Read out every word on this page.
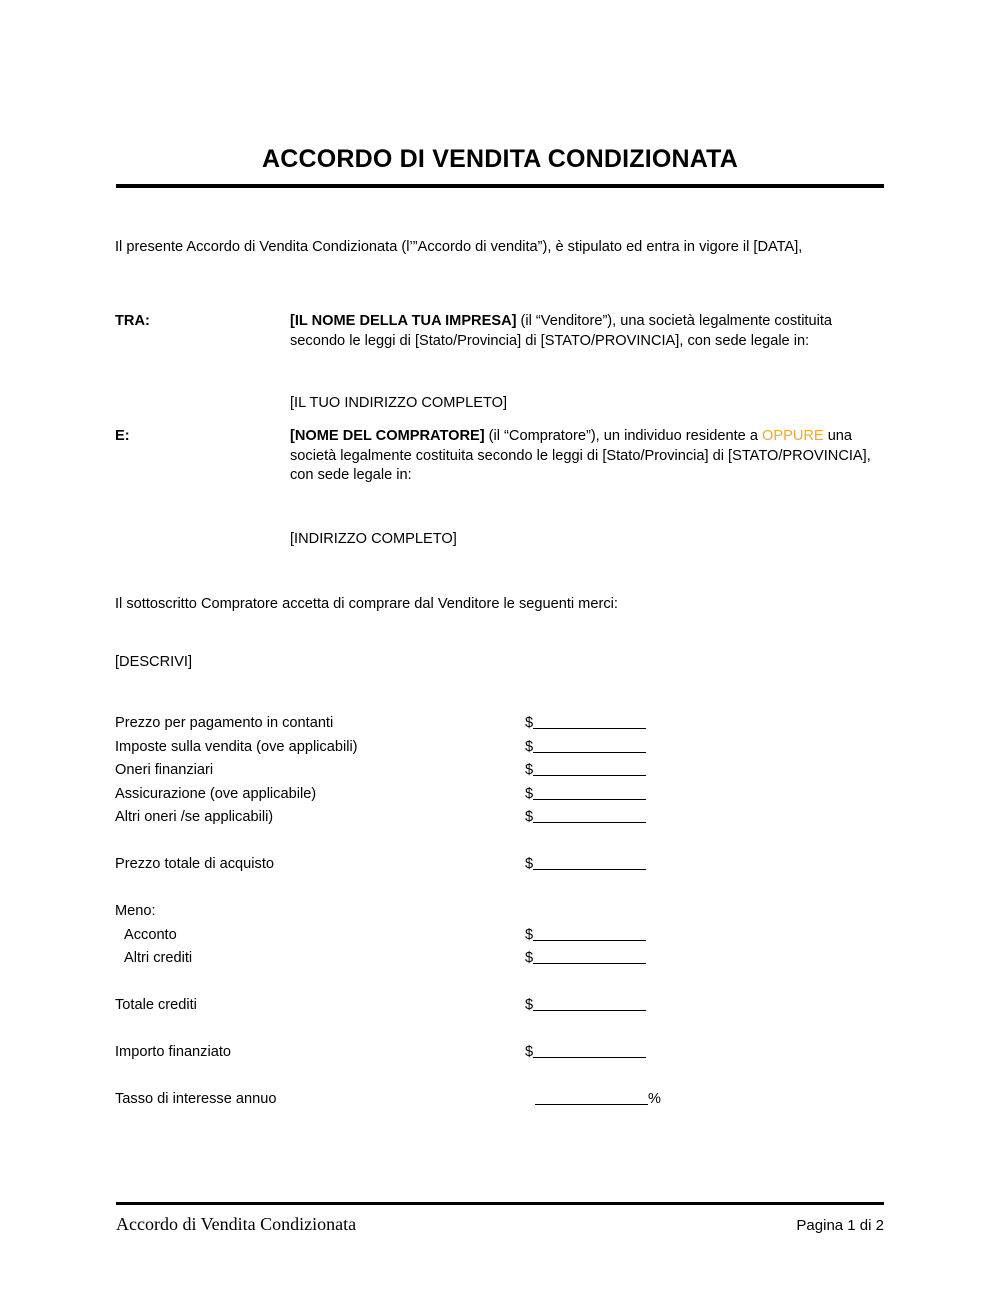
ACCORDO DI VENDITA CONDIZIONATA
Il presente Accordo di Vendita Condizionata (l’”Accordo di vendita”), è stipulato ed entra in vigore il [DATA],
TRA:	[IL NOME DELLA TUA IMPRESA] (il “Venditore”), una società legalmente costituita secondo le leggi di [Stato/Provincia] di [STATO/PROVINCIA], con sede legale in:
[IL TUO INDIRIZZO COMPLETO]
E:	[NOME DEL COMPRATORE] (il “Compratore”), un individuo residente a OPPURE una società legalmente costituita secondo le leggi di [Stato/Provincia] di [STATO/PROVINCIA], con sede legale in:
[INDIRIZZO COMPLETO]
Il sottoscritto Compratore accetta di comprare dal Venditore le seguenti merci:
[DESCRIVI]
Prezzo per pagamento in contanti	$
Imposte sulla vendita (ove applicabili)	$
Oneri finanziari	$
Assicurazione (ove applicabile)	$
Altri oneri /se applicabili)	$
Prezzo totale di acquisto	$
Meno:
Acconto	$
Altri crediti	$
Totale crediti	$
Importo finanziato	$
Tasso di interesse annuo	%
Accordo di Vendita Condizionata	Pagina 1 di 2
